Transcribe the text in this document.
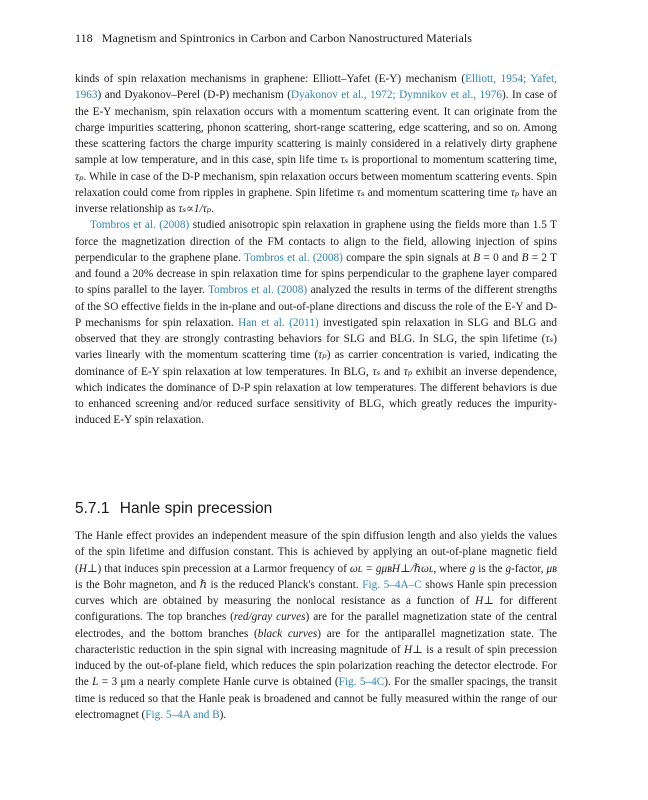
118 Magnetism and Spintronics in Carbon and Carbon Nanostructured Materials

kinds of spin relaxation mechanisms in graphene: Elliott–Yafet (E-Y) mechanism (Elliott, 1954; Yafet, 1963) and Dyakonov–Perel (D-P) mechanism (Dyakonov et al., 1972; Dymnikov et al., 1976). In case of the E-Y mechanism, spin relaxation occurs with a momentum scattering event. It can originate from the charge impurities scattering, phonon scattering, short-range scattering, edge scattering, and so on. Among these scattering factors the charge impurity scattering is mainly considered in a relatively dirty graphene sample at low temperature, and in this case, spin life time τₛ is proportional to momentum scattering time, τₚ. While in case of the D-P mechanism, spin relaxation occurs between momentum scattering events. Spin relaxation could come from ripples in graphene. Spin lifetime τₛ and momentum scattering time τₚ have an inverse relationship as τₛ∝1/τₚ.

Tombros et al. (2008) studied anisotropic spin relaxation in graphene using the fields more than 1.5 T force the magnetization direction of the FM contacts to align to the field, allowing injection of spins perpendicular to the graphene plane. Tombros et al. (2008) compare the spin signals at B = 0 and B = 2 T and found a 20% decrease in spin relaxation time for spins perpendicular to the graphene layer compared to spins parallel to the layer. Tombros et al. (2008) analyzed the results in terms of the different strengths of the SO effective fields in the in-plane and out-of-plane directions and discuss the role of the E-Y and D-P mechanisms for spin relaxation. Han et al. (2011) investigated spin relaxation in SLG and BLG and observed that they are strongly contrasting behaviors for SLG and BLG. In SLG, the spin lifetime (τₛ) varies linearly with the momentum scattering time (τₚ) as carrier concentration is varied, indicating the dominance of E-Y spin relaxation at low temperatures. In BLG, τₛ and τₚ exhibit an inverse dependence, which indicates the dominance of D-P spin relaxation at low temperatures. The different behaviors is due to enhanced screening and/or reduced surface sensitivity of BLG, which greatly reduces the impurity-induced E-Y spin relaxation.

5.7.1 Hanle spin precession

The Hanle effect provides an independent measure of the spin diffusion length and also yields the values of the spin lifetime and diffusion constant. This is achieved by applying an out-of-plane magnetic field (H⊥) that induces spin precession at a Larmor frequency of ωʟ = gμʙH⊥/ℏωʟ, where g is the g-factor, μʙ is the Bohr magneton, and ℏ is the reduced Planck's constant. Fig. 5–4A–C shows Hanle spin precession curves which are obtained by measuring the nonlocal resistance as a function of H⊥ for different configurations. The top branches (red/gray curves) are for the parallel magnetization state of the central electrodes, and the bottom branches (black curves) are for the antiparallel magnetization state. The characteristic reduction in the spin signal with increasing magnitude of H⊥ is a result of spin precession induced by the out-of-plane field, which reduces the spin polarization reaching the detector electrode. For the L = 3 μm a nearly complete Hanle curve is obtained (Fig. 5–4C). For the smaller spacings, the transit time is reduced so that the Hanle peak is broadened and cannot be fully measured within the range of our electromagnet (Fig. 5–4A and B).
